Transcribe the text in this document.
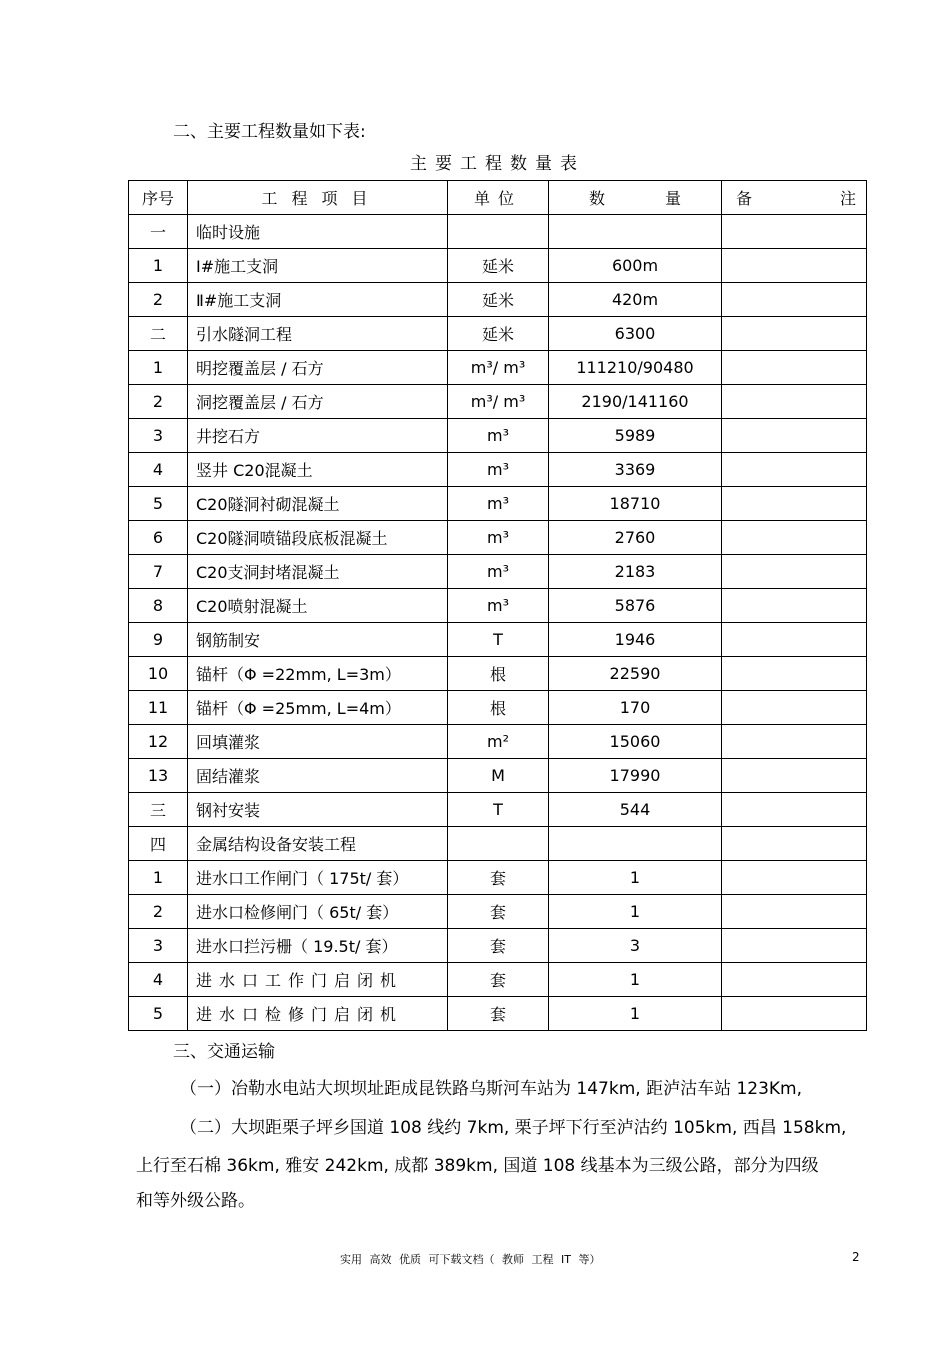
二、主要工程数量如下表:
主要工程数量表
序号	工程项目	单位	数 量	备 注

一	临时设施			
1	Ⅰ#施工支洞	延米	600m	
2	Ⅱ#施工支洞	延米	420m	
二	引水隧洞工程	延米	6300	
1	明挖覆盖层 / 石方	m³/ m³	111210/90480	
2	洞挖覆盖层 / 石方	m³/ m³	2190/141160	
3	井挖石方	m³	5989	
4	竖井 C20混凝土	m³	3369	
5	C20隧洞衬砌混凝土	m³	18710	
6	C20隧洞喷锚段底板混凝土	m³	2760	
7	C20支洞封堵混凝土	m³	2183	
8	C20喷射混凝土	m³	5876	
9	钢筋制安	T	1946	
10	锚杆（Φ =22mm, L=3m）	根	22590	
11	锚杆（Φ =25mm, L=4m）	根	170	
12	回填灌浆	m²	15060	
13	固结灌浆	M	17990	
三	钢衬安装	T	544	
四	金属结构设备安装工程			
1	进水口工作闸门（ 175t/ 套）	套	1	
2	进水口检修闸门（ 65t/ 套）	套	1	
3	进水口拦污栅（ 19.5t/ 套）	套	3	
4	进水口工作门启闭机	套	1	
5	进水口检修门启闭机	套	1	
三、交通运输
（一）冶勒水电站大坝坝址距成昆铁路乌斯河车站为 147km, 距泸沽车站 123Km,
（二）大坝距栗子坪乡国道 108 线约 7km, 栗子坪下行至泸沽约 105km, 西昌 158km,
上行至石棉 36km, 雅安 242km, 成都 389km, 国道 108 线基本为三级公路，部分为四级
和等外级公路。
实用 高效 优质 可下载文档（ 教师 工程 IT 等）	2
